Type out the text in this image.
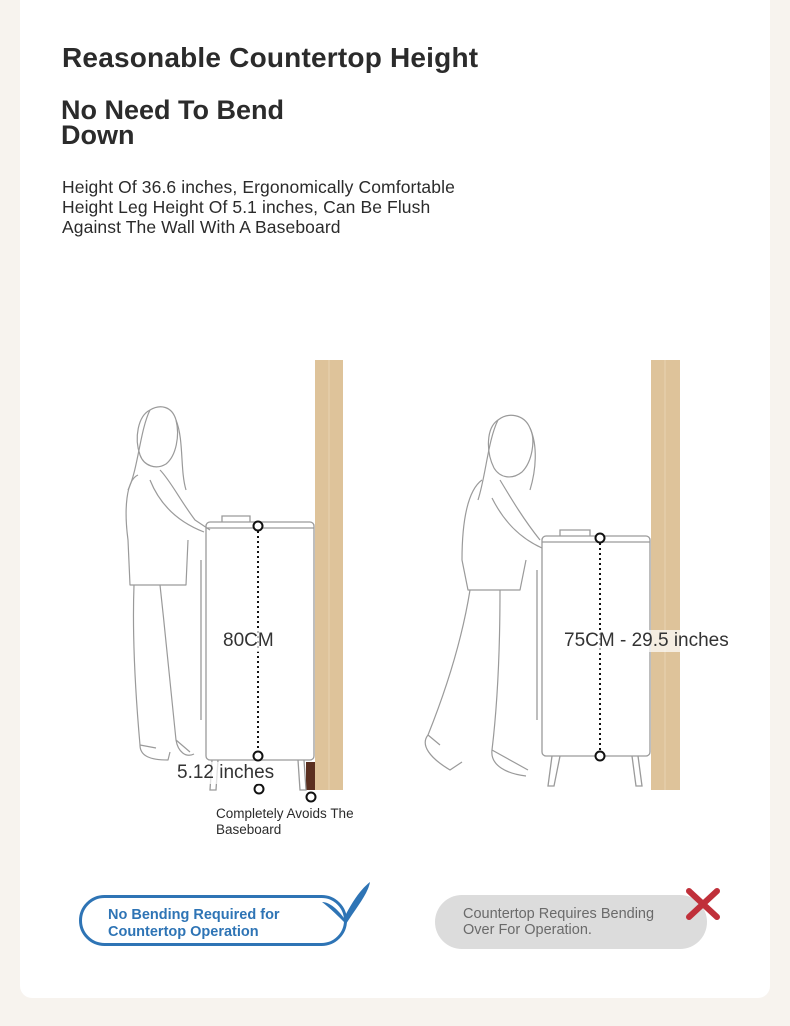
Reasonable Countertop Height
No Need To Bend Down
Height Of 36.6 inches, Ergonomically Comfortable Height Leg Height Of 5.1 inches, Can Be Flush Against The Wall With A Baseboard
80CM
5.12 inches
Completely Avoids The Baseboard
75CM - 29.5 inches
No Bending Required for Countertop Operation
Countertop Requires Bending Over For Operation.
